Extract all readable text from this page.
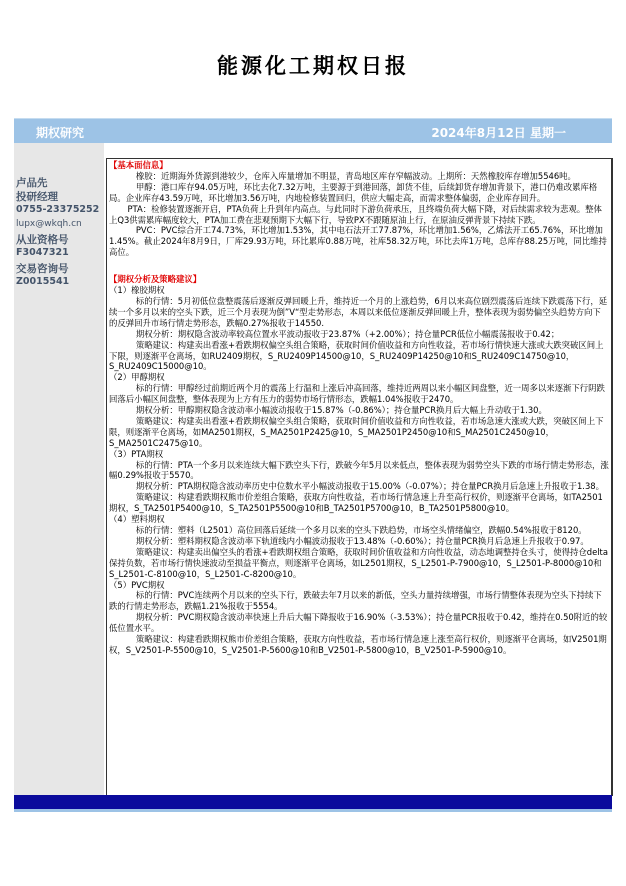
能源化工期权日报
期权研究	2024年8月12日 星期一
卢品先
投研经理
0755-23375252
lupx@wkqh.cn
从业资格号
F3047321
交易咨询号
Z0015541
【基本面信息】

橡胶：近期海外货源到港较少，仓库入库量增加不明显，青岛地区库存窄幅波动。上期所：天然橡胶库存增加5546吨。

甲醇：港口库存94.05万吨，环比去化7.32万吨，主要源于到港回落，卸货不佳，后续卸货存增加背景下，港口仍难改累库格局。企业库存43.59万吨，环比增加3.56万吨，内地检修装置回归，供应大幅走高，而需求整体偏弱，企业库存回升。

PTA：检修装置逐渐开启，PTA负荷上升到年内高点。与此同时下游负荷承压，且终端负荷大幅下降，对后续需求较为悲观。整体上Q3供需累库幅度较大，PTA加工费在悲观预期下大幅下行，导致PX不跟随原油上行，在原油反弹背景下持续下跌。

PVC：PVC综合开工74.73%，环比增加1.53%，其中电石法开工77.87%，环比增加1.56%，乙烯法开工65.76%，环比增加1.45%。截止2024年8月9日，厂库29.93万吨，环比累库0.88万吨，社库58.32万吨，环比去库1万吨，总库存88.25万吨，同比维持高位。

【期权分析及策略建议】

（1）橡胶期权

标的行情：5月初低位盘整震荡后逐渐反弹回暖上升，维持近一个月的上涨趋势，6月以来高位剧烈震荡后连续下跌震荡下行，延续一个多月以来的空头下跌，近三个月表现为倒”V“型走势形态，本周以来低位逐渐反弹回暖上升，整体表现为弱势偏空头趋势方向下的反弹回升市场行情走势形态，跌幅0.27%报收于14550.

期权分析：期权隐含波动率较高位置水平波动报收于23.87%（+2.00%）；持仓量PCR低位小幅震荡报收于0.42；

策略建议：构建卖出看涨+看跌期权偏空头组合策略，获取时间价值收益和方向性收益，若市场行情快速大涨或大跌突破区间上下限，则逐渐平仓离场，如RU2409期权，S_RU2409P14500@10，S_RU2409P14250@10和S_RU2409C14750@10，S_RU2409C15000@10。

（2）甲醇期权

标的行情：甲醇经过前期近两个月的震荡上行温和上涨后冲高回落，维持近两周以来小幅区间盘整，近一周多以来逐渐下行阴跌回落后小幅区间盘整，整体表现为上方有压力的弱势市场行情形态，跌幅1.04%报收于2470。

期权分析：甲醇期权隐含波动率小幅波动报收于15.87%（-0.86%）；持仓量PCR换月后大幅上升动收于1.30。

策略建议：构建卖出看涨+看跌期权偏空头组合策略，获取时间价值收益和方向性收益，若市场急速大涨或大跌，突破区间上下限，则逐渐平仓离场，如MA2501期权，S_MA2501P2425@10，S_MA2501P2450@10和S_MA2501C2450@10，S_MA2501C2475@10。

（3）PTA期权

标的行情：PTA一个多月以来连续大幅下跌空头下行，跌破今年5月以来低点，整体表现为弱势空头下跌的市场行情走势形态，涨幅0.29%报收于5570。

期权分析：PTA期权隐含波动率历史中位数水平小幅波动报收于15.00%（-0.07%）；持仓量PCR换月后急速上升报收于1.38。

策略建议：构建看跌期权熊市价差组合策略，获取方向性收益，若市场行情急速上升至高行权价，则逐渐平仓离场，如TA2501期权，S_TA2501P5400@10，S_TA2501P5500@10和B_TA2501P5700@10，B_TA2501P5800@10。

（4）塑料期权

标的行情：塑料（L2501）高位回落后延续一个多月以来的空头下跌趋势，市场空头情绪偏空，跌幅0.54%报收于8120。

期权分析：塑料期权隐含波动率下轨道线内小幅波动报收于13.48%（-0.60%）；持仓量PCR换月后急速上升报收于0.97。

策略建议：构建卖出偏空头的看涨+看跌期权组合策略，获取时间价值收益和方向性收益，动态地调整持仓头寸，使得持仓delta保持负数，若市场行情快速波动至损益平衡点，则逐渐平仓离场，如L2501期权，S_L2501-P-7900@10，S_L2501-P-8000@10和S_L2501-C-8100@10，S_L2501-C-8200@10。

（5）PVC期权

标的行情：PVC连续两个月以来的空头下行，跌破去年7月以来的新低，空头力量持续增强，市场行情整体表现为空头下持续下跌的行情走势形态，跌幅1.21%报收于5554。

期权分析：PVC期权隐含波动率快速上升后大幅下降报收于16.90%（-3.53%）；持仓量PCR报收于0.42，维持在0.50附近的较低位置水平。

策略建议：构建看跌期权熊市价差组合策略，获取方向性收益，若市场行情急速上涨至高行权价，则逐渐平仓离场，如V2501期权，S_V2501-P-5500@10，S_V2501-P-5600@10和B_V2501-P-5800@10，B_V2501-P-5900@10。
